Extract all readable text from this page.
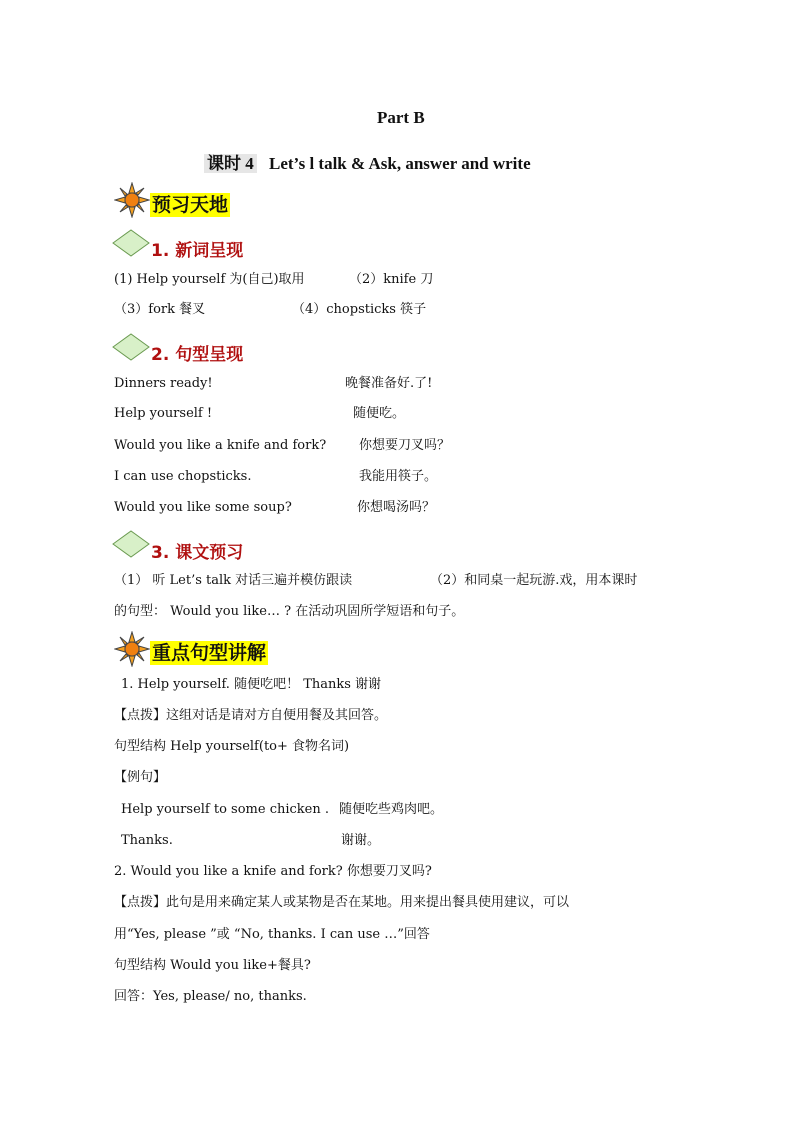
Part B
课时 4 Let’s l talk & Ask, answer and write
预习天地
1. 新词呈现
(1) Help yourself 为(自己)取用	（2）knife 刀
（3）fork 餐叉	（4）chopsticks 筷子
2. 句型呈现
Dinners ready!	晚餐准备好.了!
Help yourself !	随便吃。
Would you like a knife and fork?	你想要刀叉吗？
I can use chopsticks.	我能用筷子。
Would you like some soup?	你想喝汤吗？
3. 课文预习
（1） 听 Let’s talk 对话三遍并模仿跟读	（2）和同桌一起玩游.戏，用本课时
的句型： Would you like… ? 在活动巩固所学短语和句子。
重点句型讲解
1. Help yourself. 随便吃吧！ Thanks 谢谢
【点拨】这组对话是请对方自便用餐及其回答。
句型结构 Help yourself(to+ 食物名词)
【例句】
Help yourself to some chicken . 随便吃些鸡肉吧。
Thanks.	谢谢。
2. Would you like a knife and fork? 你想要刀叉吗?
【点拨】此句是用来确定某人或某物是否在某地。用来提出餐具使用建议，可以
用“Yes, please ”或 “No, thanks. I can use …”回答
句型结构 Would you like+餐具?
回答：Yes, please/ no, thanks.
